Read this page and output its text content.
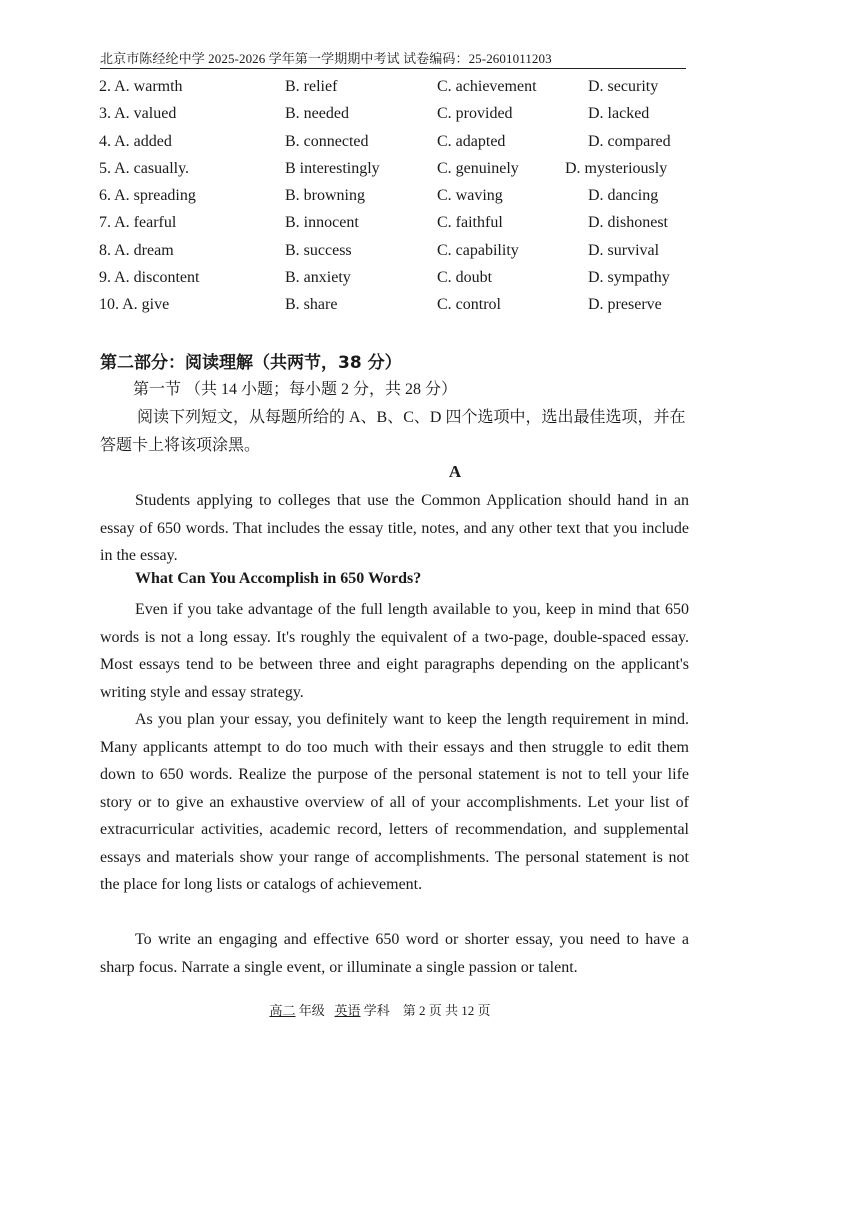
北京市陈经纶中学 2025-2026 学年第一学期期中考试 试卷编码：25-2601011203
2. A. warmth	B. relief	C. achievement	D. security
3. A. valued	B. needed	C. provided	D. lacked
4. A. added	B. connected	C. adapted	D. compared
5. A. casually.	B interestingly	C. genuinely	D. mysteriously
6. A. spreading	B. browning	C. waving	D. dancing
7. A. fearful	B. innocent	C. faithful	D. dishonest
8. A. dream	B. success	C. capability	D. survival
9. A. discontent	B. anxiety	C. doubt	D. sympathy
10. A. give	B. share	C. control	D. preserve
第二部分：阅读理解（共两节，38 分）
第一节 （共 14 小题；每小题 2 分，共 28 分）
阅读下列短文，从每题所给的 A、B、C、D 四个选项中，选出最佳选项，并在答题卡上将该项涂黑。
A
Students applying to colleges that use the Common Application should hand in an essay of 650 words. That includes the essay title, notes, and any other text that you include in the essay.
What Can You Accomplish in 650 Words?
Even if you take advantage of the full length available to you, keep in mind that 650 words is not a long essay. It's roughly the equivalent of a two-page, double-spaced essay. Most essays tend to be between three and eight paragraphs depending on the applicant's writing style and essay strategy.
As you plan your essay, you definitely want to keep the length requirement in mind. Many applicants attempt to do too much with their essays and then struggle to edit them down to 650 words. Realize the purpose of the personal statement is not to tell your life story or to give an exhaustive overview of all of your accomplishments. Let your list of extracurricular activities, academic record, letters of recommendation, and supplemental essays and materials show your range of accomplishments. The personal statement is not the place for long lists or catalogs of achievement.
To write an engaging and effective 650 word or shorter essay, you need to have a sharp focus. Narrate a single event, or illuminate a single passion or talent.
高二 年级 英语 学科 第 2 页 共 12 页
